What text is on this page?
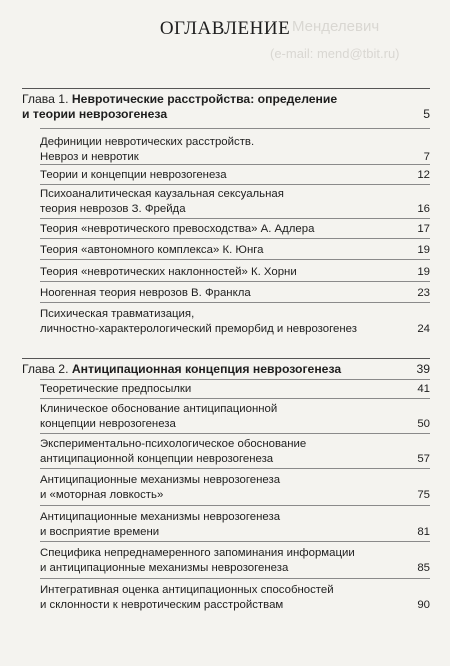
Менделевич
(e-mail: mend@tbit.ru)
ОГЛАВЛЕНИЕ
Глава 1. Невротические расстройства: определение
и теории неврозогенеза	5
Дефиниции невротических расстройств.
Невроз и невротик	7
Теории и концепции неврозогенеза	12
Психоаналитическая каузальная сексуальная
теория неврозов З. Фрейда	16
Теория «невротического превосходства» А. Адлера	17
Теория «автономного комплекса» К. Юнга	19
Теория «невротических наклонностей» К. Хорни	19
Ноогенная теория неврозов В. Франкла	23
Психическая травматизация,
личностно-характерологический преморбид и неврозогенез	24
Глава 2. Антиципационная концепция неврозогенеза	39
Теоретические предпосылки	41
Клиническое обоснование антиципационной
концепции неврозогенеза	50
Экспериментально-психологическое обоснование
антиципационной концепции неврозогенеза	57
Антиципационные механизмы неврозогенеза
и «моторная ловкость»	75
Антиципационные механизмы неврозогенеза
и восприятие времени	81
Специфика непреднамеренного запоминания информации
и антиципационные механизмы неврозогенеза	85
Интегративная оценка антиципационных способностей
и склонности к невротическим расстройствам	90
